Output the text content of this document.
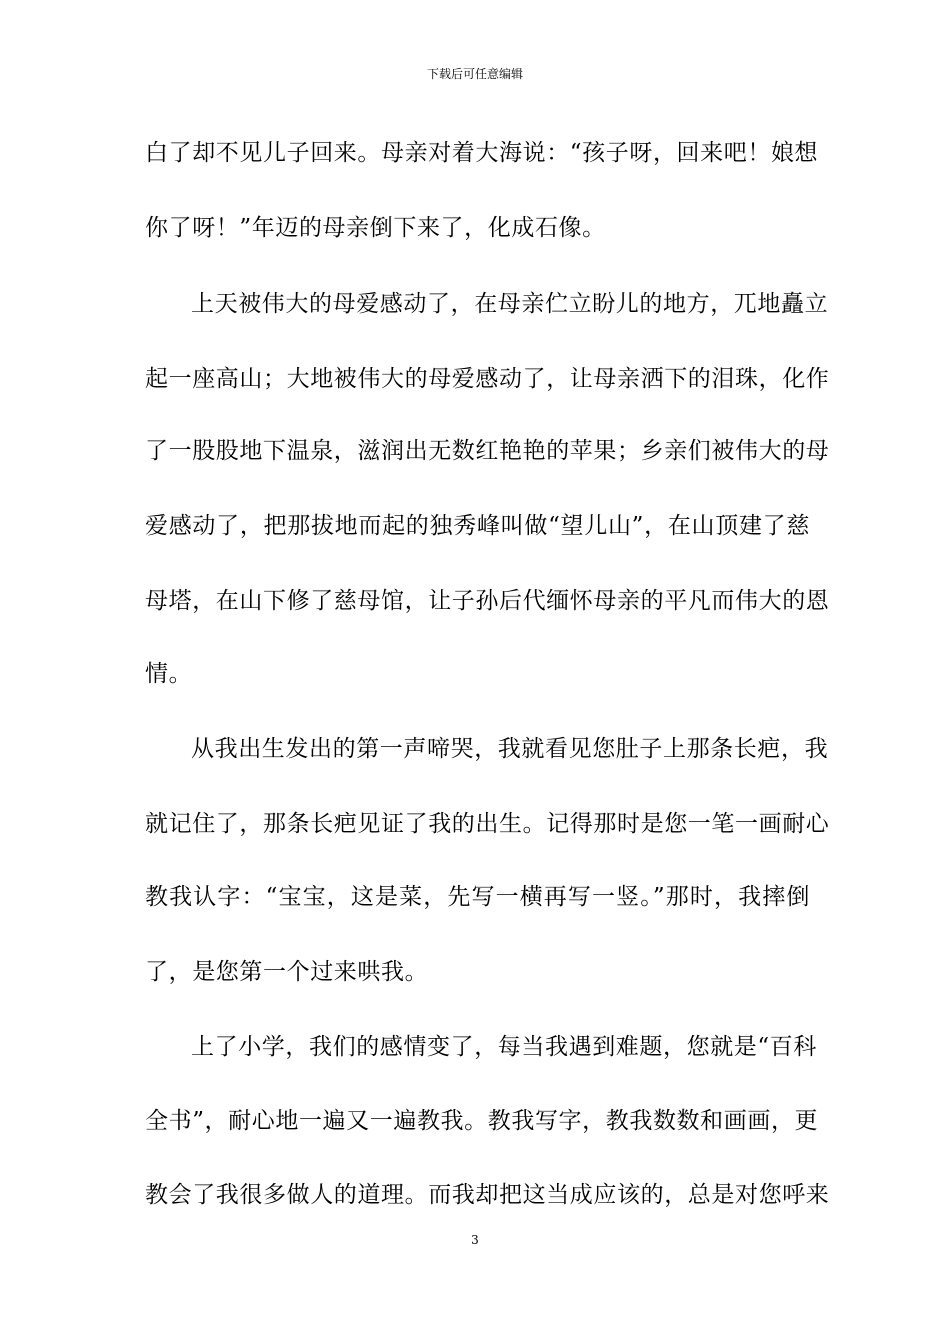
下载后可任意编辑
白了却不见儿子回来。母亲对着大海说：“孩子呀，回来吧！娘想
你了呀！”年迈的母亲倒下来了，化成石像。
上天被伟大的母爱感动了，在母亲伫立盼儿的地方，兀地矗立
起一座高山；大地被伟大的母爱感动了，让母亲洒下的泪珠，化作
了一股股地下温泉，滋润出无数红艳艳的苹果；乡亲们被伟大的母
爱感动了，把那拔地而起的独秀峰叫做“望儿山”，在山顶建了慈
母塔，在山下修了慈母馆，让子孙后代缅怀母亲的平凡而伟大的恩
情。
从我出生发出的第一声啼哭，我就看见您肚子上那条长疤，我
就记住了，那条长疤见证了我的出生。记得那时是您一笔一画耐心
教我认字：“宝宝，这是菜，先写一横再写一竖。”那时，我摔倒
了，是您第一个过来哄我。
上了小学，我们的感情变了，每当我遇到难题，您就是“百科
全书”，耐心地一遍又一遍教我。教我写字，教我数数和画画，更
教会了我很多做人的道理。而我却把这当成应该的，总是对您呼来
3
